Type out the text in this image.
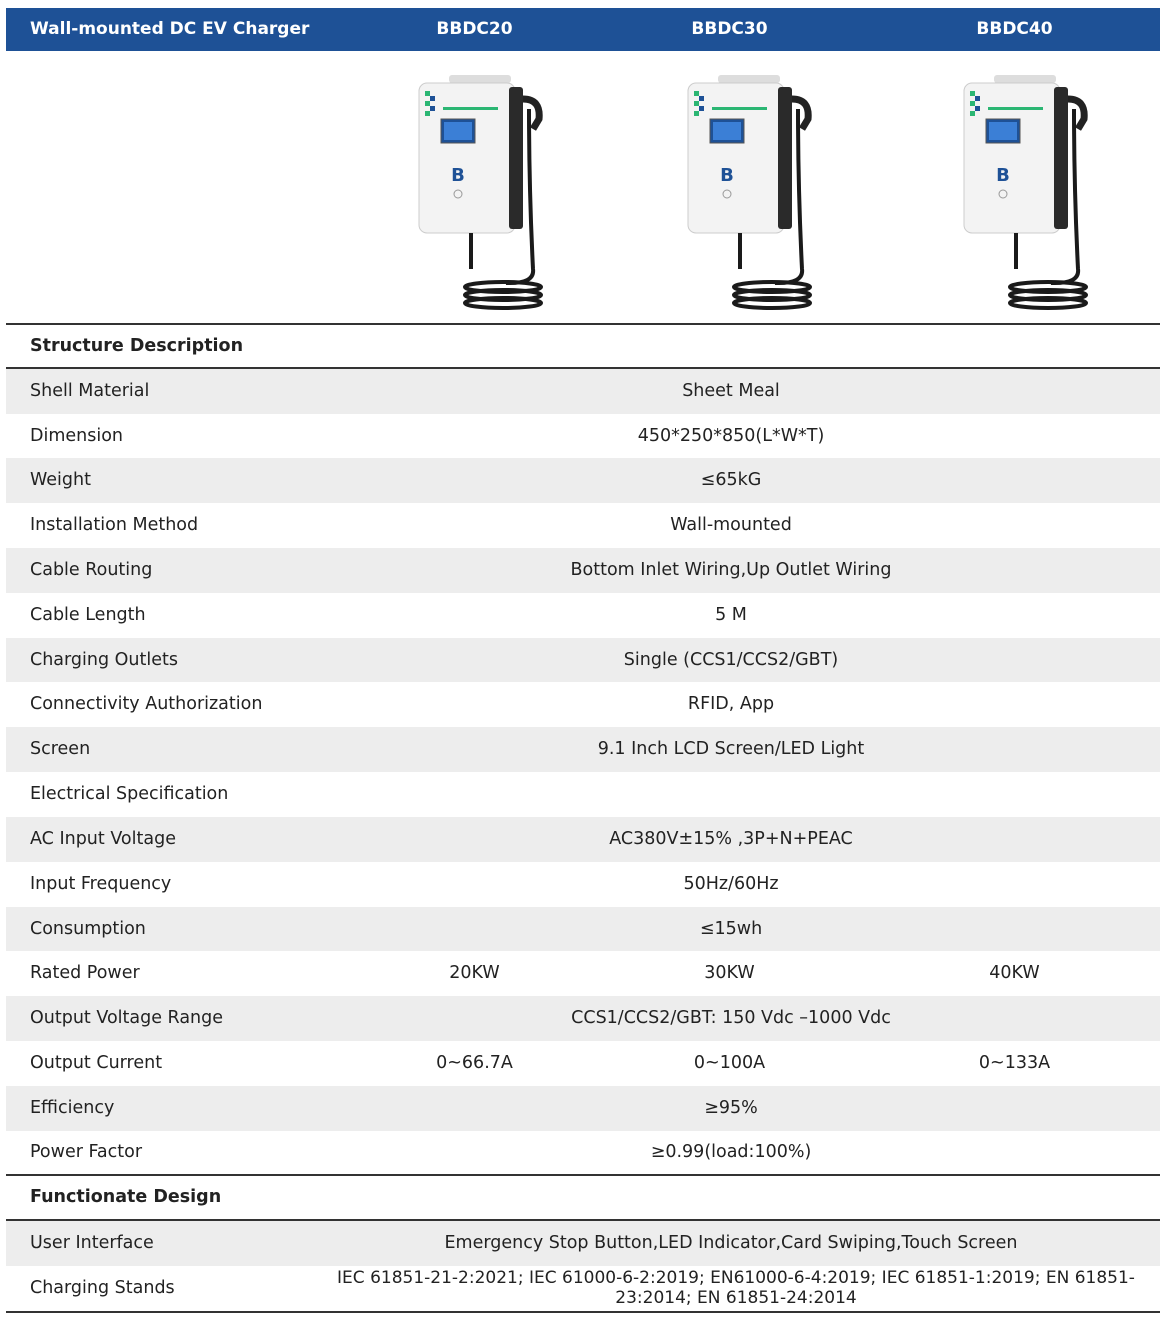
Wall-mounted DC EV Charger	BBDC20	BBDC30	BBDC40
B	B	B
Structure Description
Shell Material	Sheet Meal
Dimension	450*250*850(L*W*T)
Weight	≤65kG
Installation Method	Wall-mounted
Cable Routing	Bottom Inlet Wiring,Up Outlet Wiring
Cable Length	5 M
Charging Outlets	Single (CCS1/CCS2/GBT)
Connectivity Authorization	RFID, App
Screen	9.1 Inch LCD Screen/LED Light
Electrical Specification
AC Input Voltage	AC380V±15% ,3P+N+PEAC
Input Frequency	50Hz/60Hz
Consumption	≤15wh
Rated Power	20KW	30KW	40KW
Output Voltage Range	CCS1/CCS2/GBT: 150 Vdc –1000 Vdc
Output Current	0~66.7A	0~100A	0~133A
Efficiency	≥95%
Power Factor	≥0.99(load:100%)
Functionate Design
User Interface	Emergency Stop Button,LED Indicator,Card Swiping,Touch Screen
Charging Stands	IEC 61851-21-2:2021; IEC 61000-6-2:2019; EN61000-6-4:2019; IEC 61851-1:2019; EN 61851-23:2014; EN 61851-24:2014
